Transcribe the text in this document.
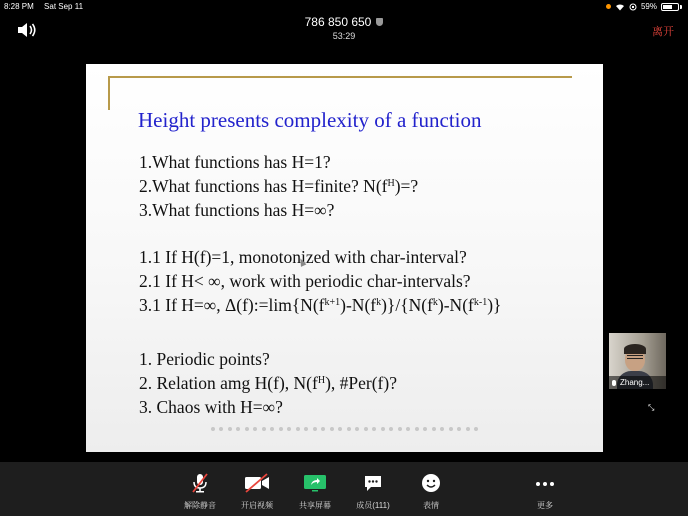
8:28 PM Sat Sep 11	59%
786 850 650
53:29	离开
Height presents complexity of a function
1.What functions has H=1?
2.What functions has H=finite? $N(f^H)=$?
3.What functions has H=∞?
1.1 If H(f)=1, monotonized with char-interval?
2.1 If H< ∞, work with periodic char-intervals?
3.1 If H=∞, $\Delta(f):=\lim\{N(f^{k+1})-N(f^k)\}/\{N(f^k)-N(f^{k-1})\}$
1. Periodic points?
2. Relation amg H(f), $N(f^H)$, #Per(f)?
3. Chaos with H=∞?
Zhang...
⤡
解除静音	开启视频	共享屏幕	成员(111)	表情	更多
